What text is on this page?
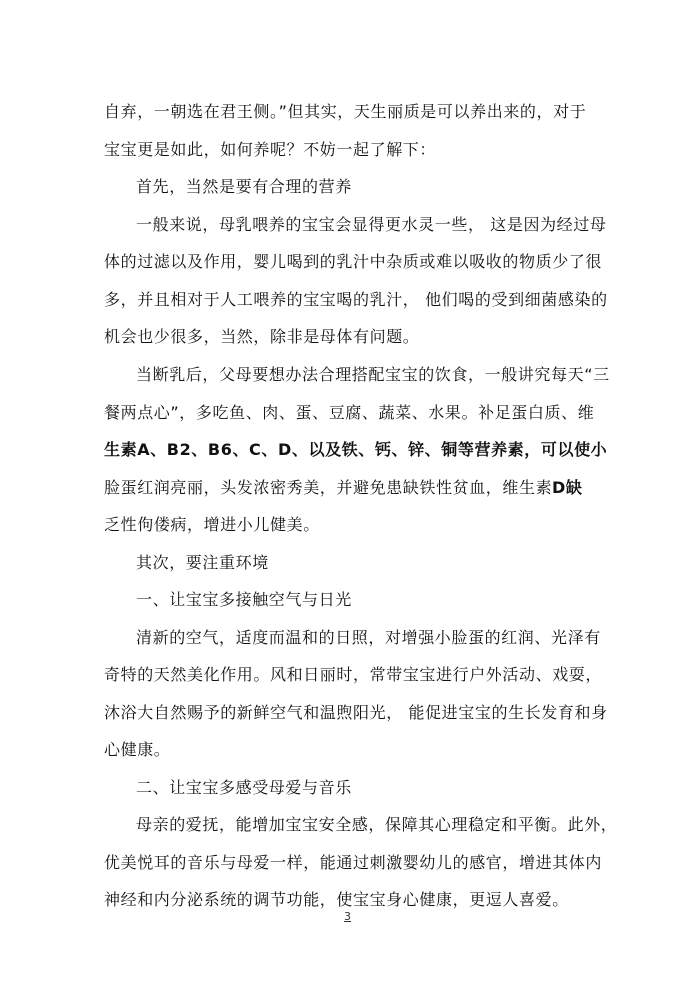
自弃，一朝选在君王侧。”但其实，天生丽质是可以养出来的，对于
宝宝更是如此，如何养呢？不妨一起了解下：
首先，当然是要有合理的营养
一般来说，母乳喂养的宝宝会显得更水灵一些， 这是因为经过母
体的过滤以及作用，婴儿喝到的乳汁中杂质或难以吸收的物质少了很
多，并且相对于人工喂养的宝宝喝的乳汁， 他们喝的受到细菌感染的
机会也少很多，当然，除非是母体有问题。
当断乳后，父母要想办法合理搭配宝宝的饮食，一般讲究每天“三
餐两点心”，多吃鱼、肉、蛋、豆腐、蔬菜、水果。补足蛋白质、维
生素A、B2、B6、C、D、以及铁、钙、锌、铜等营养素，可以使小
脸蛋红润亮丽，头发浓密秀美，并避免患缺铁性贫血，维生素 D缺
乏性佝偻病，增进小儿健美。
其次，要注重环境
一、让宝宝多接触空气与日光
清新的空气，适度而温和的日照，对增强小脸蛋的红润、光泽有
奇特的天然美化作用。风和日丽时，常带宝宝进行户外活动、戏耍，
沐浴大自然赐予的新鲜空气和温煦阳光， 能促进宝宝的生长发育和身
心健康。
二、让宝宝多感受母爱与音乐
母亲的爱抚，能增加宝宝安全感，保障其心理稳定和平衡。此外，
优美悦耳的音乐与母爱一样，能通过刺激婴幼儿的感官，增进其体内
神经和内分泌系统的调节功能，使宝宝身心健康，更逗人喜爱。
3
